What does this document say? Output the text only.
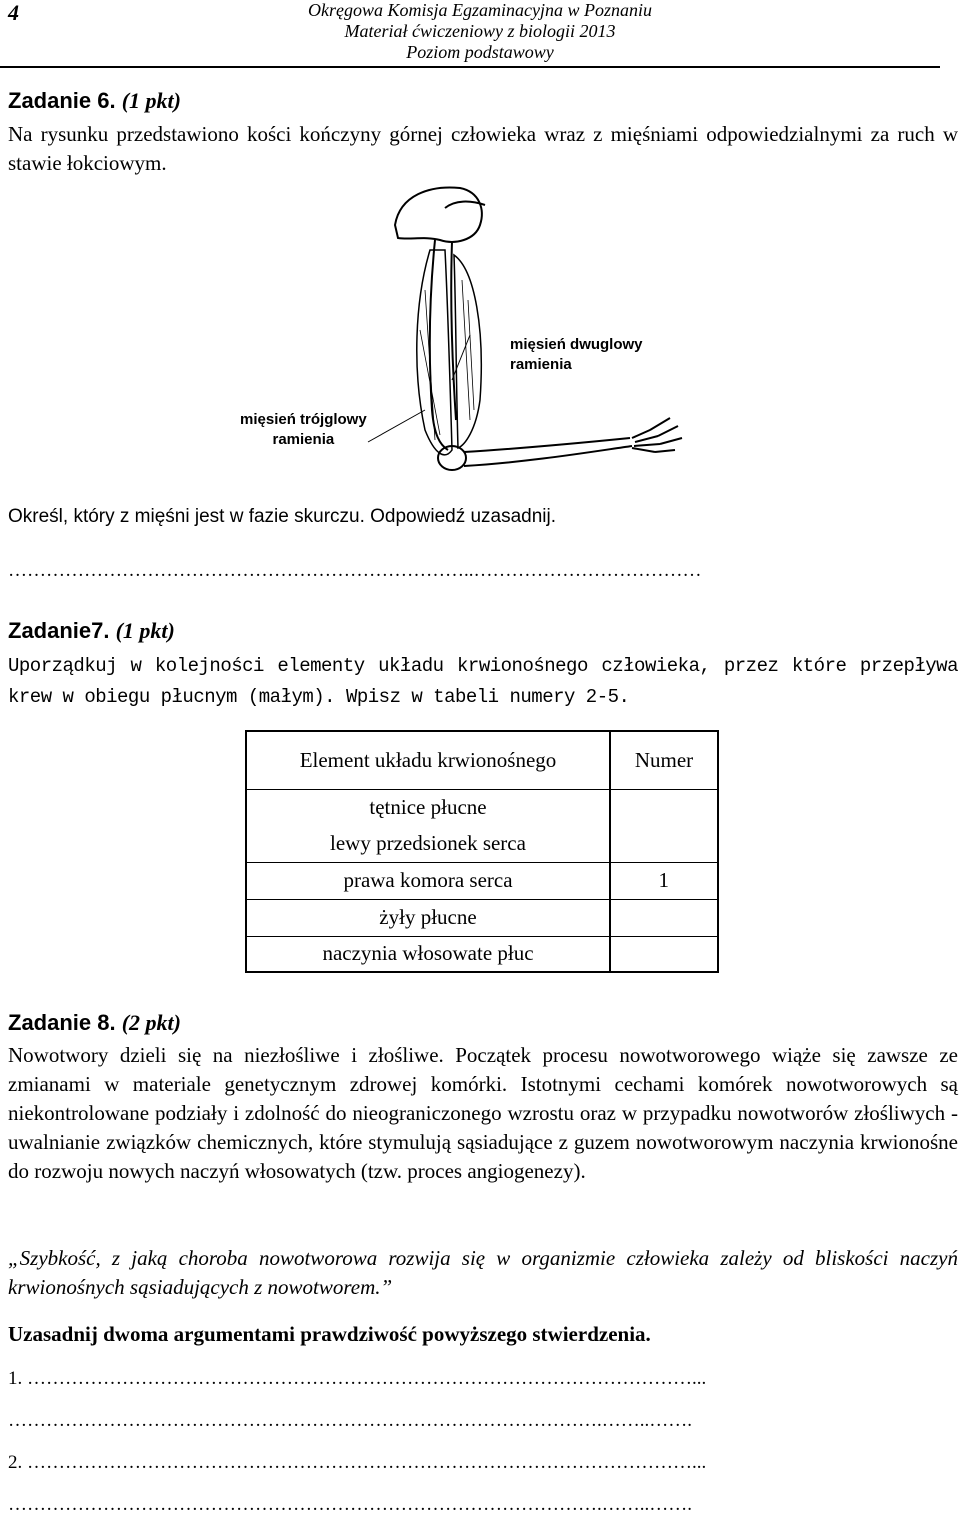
4	Okręgowa Komisja Egzaminacyjna w Poznaniu
Materiał ćwiczeniowy z biologii 2013
Poziom podstawowy
Zadanie 6. (1 pkt)
Na rysunku przedstawiono kości kończyny górnej człowieka wraz z mięśniami odpowiedzialnymi za ruch w stawie łokciowym.
mięsień dwuglowy
ramienia
mięsień trójglowy
ramienia
Określ, który z mięśni jest w fazie skurczu. Odpowiedź uzasadnij.
………………………………………………………………..………………………………
Zadanie7. (1 pkt)
Uporządkuj w kolejności elementy układu krwionośnego człowieka, przez które przepływa krew w obiegu płucnym (małym). Wpisz w tabeli numery 2-5.
Element układu krwionośnego	Numer
tętnice płucne	
lewy przedsionek serca	
prawa komora serca	1
żyły płucne	
naczynia włosowate płuc	
Zadanie 8. (2 pkt)
Nowotwory dzieli się na niezłośliwe i złośliwe. Początek procesu nowotworowego wiąże się zawsze ze zmianami w materiale genetycznym zdrowej komórki. Istotnymi cechami komórek nowotworowych są niekontrolowane podziały i zdolność do nieograniczonego wzrostu oraz w przypadku nowotworów złośliwych - uwalnianie związków chemicznych, które stymulują sąsiadujące z guzem nowotworowym naczynia krwionośne do rozwoju nowych naczyń włosowatych (tzw. proces angiogenezy).
„Szybkość, z jaką choroba nowotworowa rozwija się w organizmie człowieka zależy od bliskości naczyń krwionośnych sąsiadujących z nowotworem.”
Uzasadnij dwoma argumentami prawdziwość powyższego stwierdzenia.
1. ……………………………………………………………………………………………...
………………………………………………………………………………….……..…….
2. ……………………………………………………………………………………………...
………………………………………………………………………………….……..…….
